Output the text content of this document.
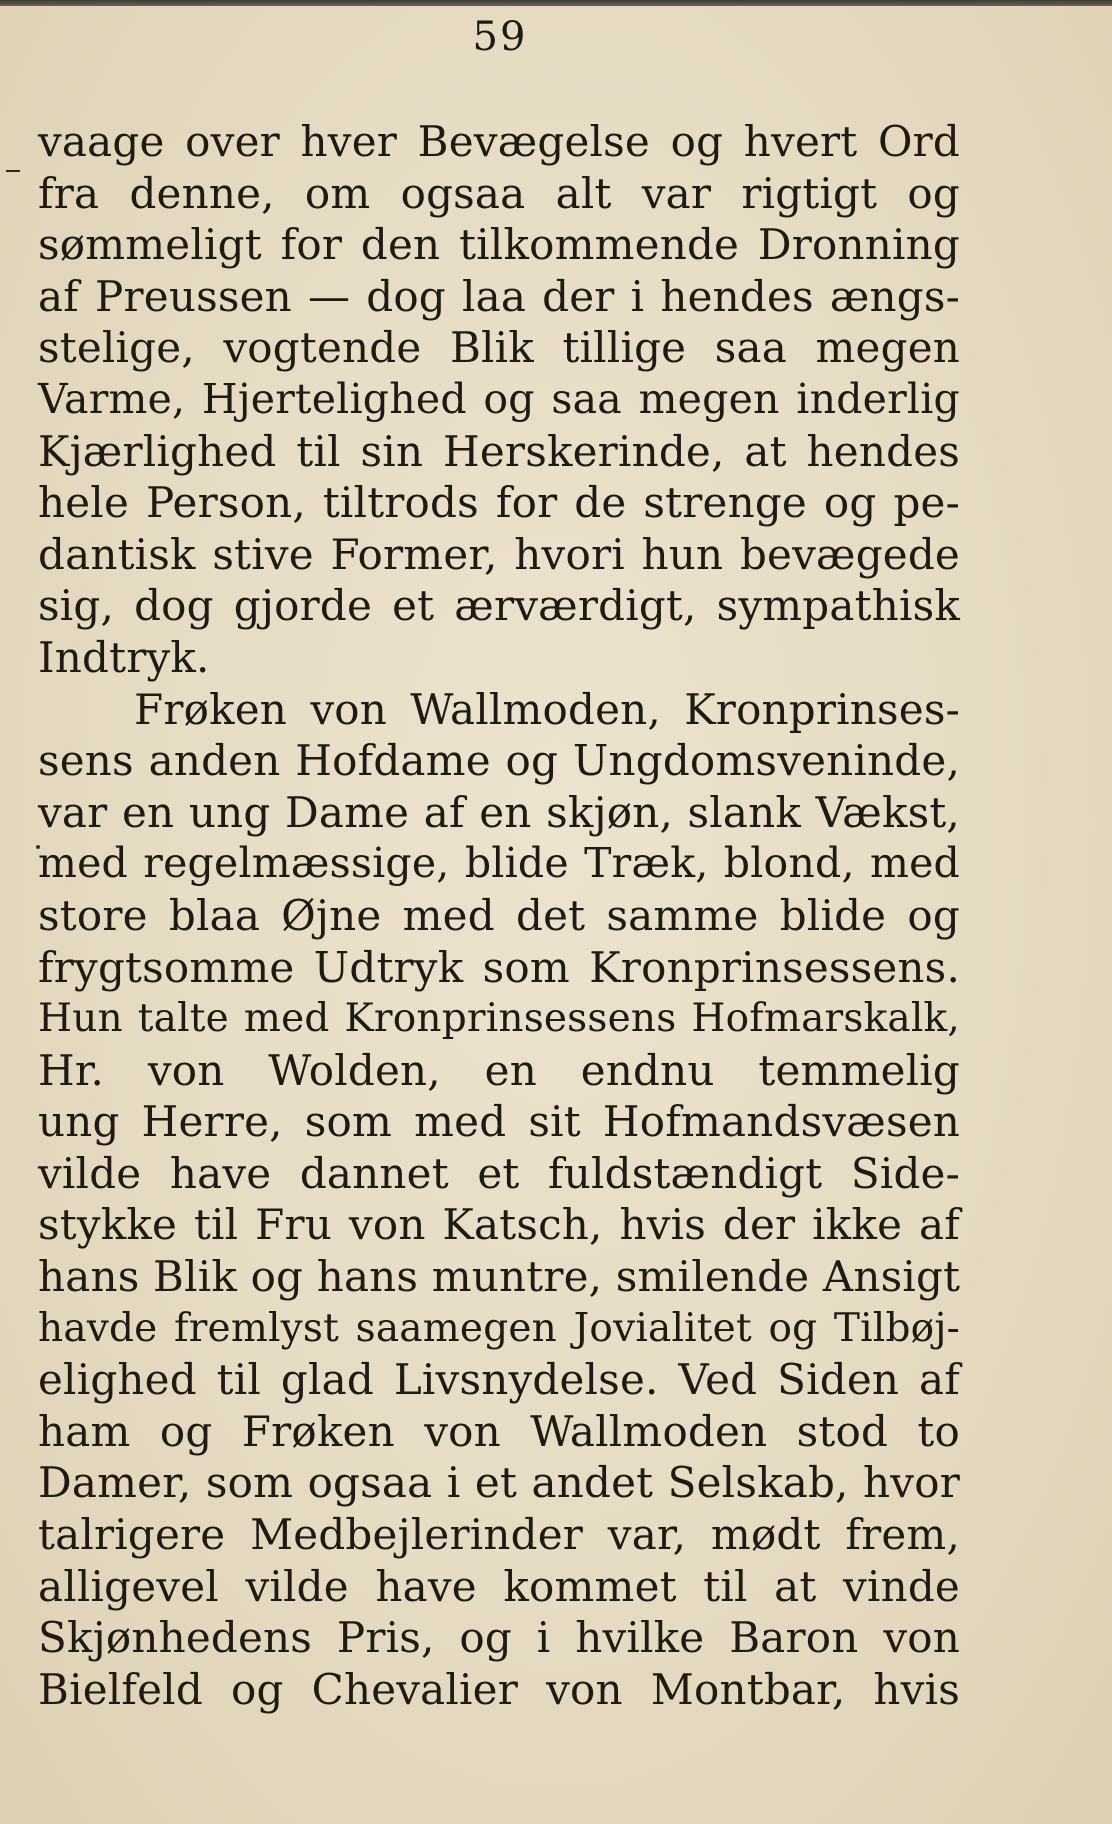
59
vaage over hver Bevægelse og hvert Ord
fra denne, om ogsaa alt var rigtigt og
sømmeligt for den tilkommende Dronning
af Preussen — dog laa der i hendes ængs-
stelige, vogtende Blik tillige saa megen
Varme, Hjertelighed og saa megen inderlig
Kjærlighed til sin Herskerinde, at hendes
hele Person, tiltrods for de strenge og pe-
dantisk stive Former, hvori hun bevægede
sig, dog gjorde et ærværdigt, sympathisk
Indtryk.
Frøken von Wallmoden, Kronprinses-
sens anden Hofdame og Ungdomsveninde,
var en ung Dame af en skjøn, slank Vækst,
med regelmæssige, blide Træk, blond, med
store blaa Øjne med det samme blide og
frygtsomme Udtryk som Kronprinsessens.
Hun talte med Kronprinsessens Hofmarskalk,
Hr. von Wolden, en endnu temmelig
ung Herre, som med sit Hofmandsvæsen
vilde have dannet et fuldstændigt Side-
stykke til Fru von Katsch, hvis der ikke af
hans Blik og hans muntre, smilende Ansigt
havde fremlyst saamegen Jovialitet og Tilbøj-
elighed til glad Livsnydelse. Ved Siden af
ham og Frøken von Wallmoden stod to
Damer, som ogsaa i et andet Selskab, hvor
talrigere Medbejlerinder var, mødt frem,
alligevel vilde have kommet til at vinde
Skjønhedens Pris, og i hvilke Baron von
Bielfeld og Chevalier von Montbar, hvis
